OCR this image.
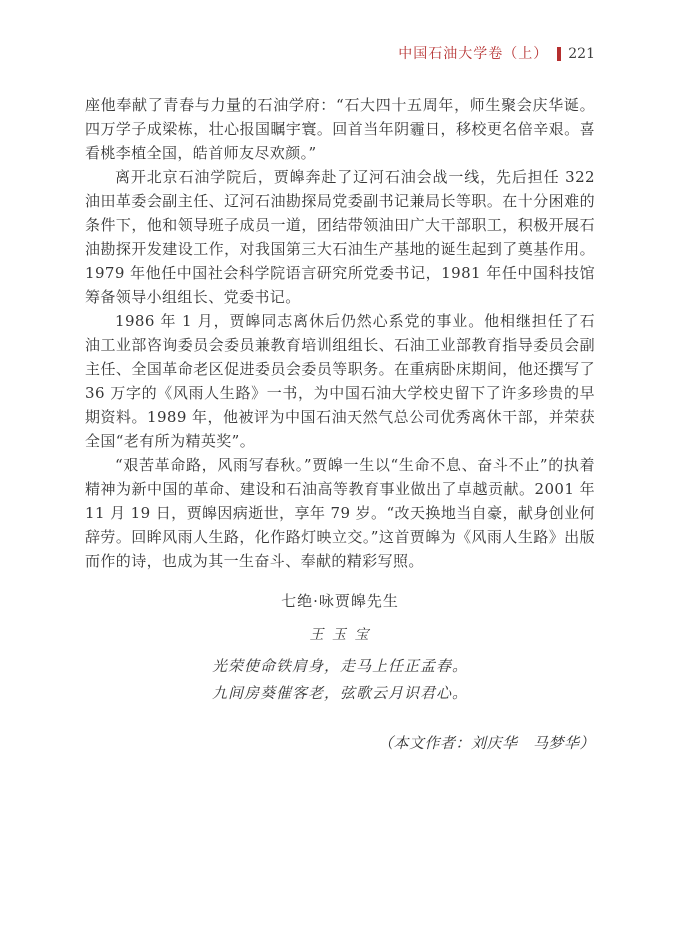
中国石油大学卷（上） 221

座他奉献了青春与力量的石油学府：“石大四十五周年，师生聚会庆华诞。四万学子成梁栋，壮心报国瞩宇寰。回首当年阴霾日，移校更名倍辛艰。喜看桃李植全国，皓首师友尽欢颜。”

离开北京石油学院后，贾皞奔赴了辽河石油会战一线，先后担任 322 油田革委会副主任、辽河石油勘探局党委副书记兼局长等职。在十分困难的条件下，他和领导班子成员一道，团结带领油田广大干部职工，积极开展石油勘探开发建设工作，对我国第三大石油生产基地的诞生起到了奠基作用。1979 年他任中国社会科学院语言研究所党委书记，1981 年任中国科技馆筹备领导小组组长、党委书记。

1986 年 1 月，贾皞同志离休后仍然心系党的事业。他相继担任了石油工业部咨询委员会委员兼教育培训组组长、石油工业部教育指导委员会副主任、全国革命老区促进委员会委员等职务。在重病卧床期间，他还撰写了 36 万字的《风雨人生路》一书，为中国石油大学校史留下了许多珍贵的早期资料。1989 年，他被评为中国石油天然气总公司优秀离休干部，并荣获全国“老有所为精英奖”。

“艰苦革命路，风雨写春秋。”贾皞一生以“生命不息、奋斗不止”的执着精神为新中国的革命、建设和石油高等教育事业做出了卓越贡献。2001 年 11 月 19 日，贾皞因病逝世，享年 79 岁。“改天换地当自豪，献身创业何辞劳。回眸风雨人生路，化作路灯映立交。”这首贾皞为《风雨人生路》出版而作的诗，也成为其一生奋斗、奉献的精彩写照。

七绝·咏贾皞先生
王 玉 宝
光荣使命铁肩身，走马上任正孟春。
九间房葵催客老，弦歌云月识君心。
（本文作者：刘庆华　马梦华）
